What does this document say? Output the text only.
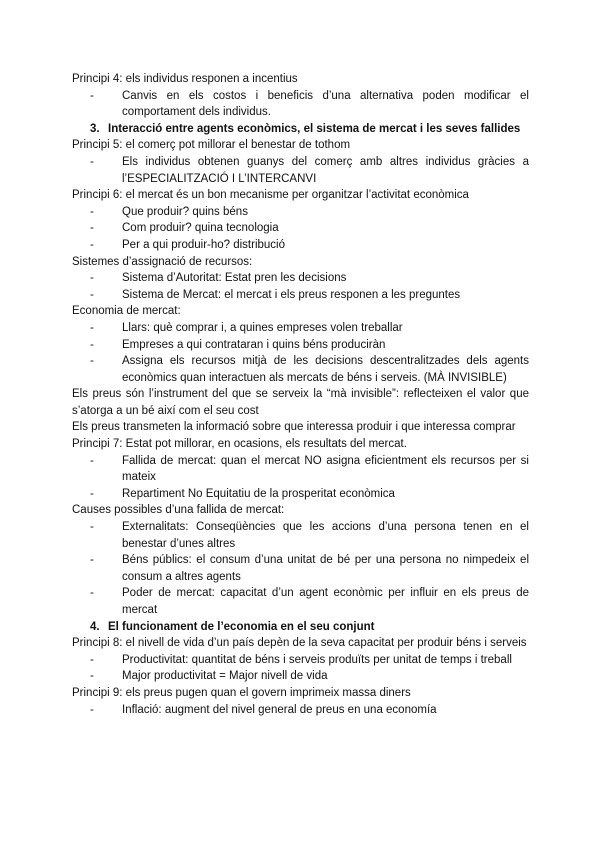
Principi 4: els individus responen a incentius

- Canvis en els costos i beneficis d’una alternativa poden modificar el comportament dels individus.
3. Interacció entre agents econòmics, el sistema de mercat i les seves fallides

Principi 5: el comerç pot millorar el benestar de tothom

- Els individus obtenen guanys del comerç amb altres individus gràcies a l’ESPECIALITZACIÓ I L’INTERCANVI

Principi 6: el mercat és un bon mecanisme per organitzar l’activitat econòmica

- Que produir? quins béns
- Com produir? quina tecnologia
- Per a qui produir-ho? distribució

Sistemes d’assignació de recursos:

- Sistema d’Autoritat: Estat pren les decisions
- Sistema de Mercat: el mercat i els preus responen a les preguntes

Economia de mercat:

- Llars: què comprar i, a quines empreses volen treballar
- Empreses a qui contrataran i quins béns produciràn
- Assigna els recursos mitjà de les decisions descentralitzades dels agents econòmics quan interactuen als mercats de béns i serveis. (MÀ INVISIBLE)

Els preus són l’instrument del que se serveix la “mà invisible”: reflecteixen el valor que s’atorga a un bé així com el seu cost

Els preus transmeten la informació sobre que interessa produir i que interessa comprar

Principi 7: Estat pot millorar, en ocasions, els resultats del mercat.

- Fallida de mercat: quan el mercat NO asigna eficientment els recursos per si mateix
- Repartiment No Equitatiu de la prosperitat econòmica

Causes possibles d’una fallida de mercat:

- Externalitats: Conseqüències que les accions d’una persona tenen en el benestar d’unes altres
- Béns públics: el consum d’una unitat de bé per una persona no nimpedeix el consum a altres agents
- Poder de mercat: capacitat d’un agent econòmic per influir en els preus de mercat
4. El funcionament de l’economia en el seu conjunt

Principi 8: el nivell de vida d’un país depèn de la seva capacitat per produir béns i serveis

- Productivitat: quantitat de béns i serveis produïts per unitat de temps i treball
- Major productivitat = Major nivell de vida

Principi 9: els preus pugen quan el govern imprimeix massa diners

- Inflació: augment del nivel general de preus en una economía
